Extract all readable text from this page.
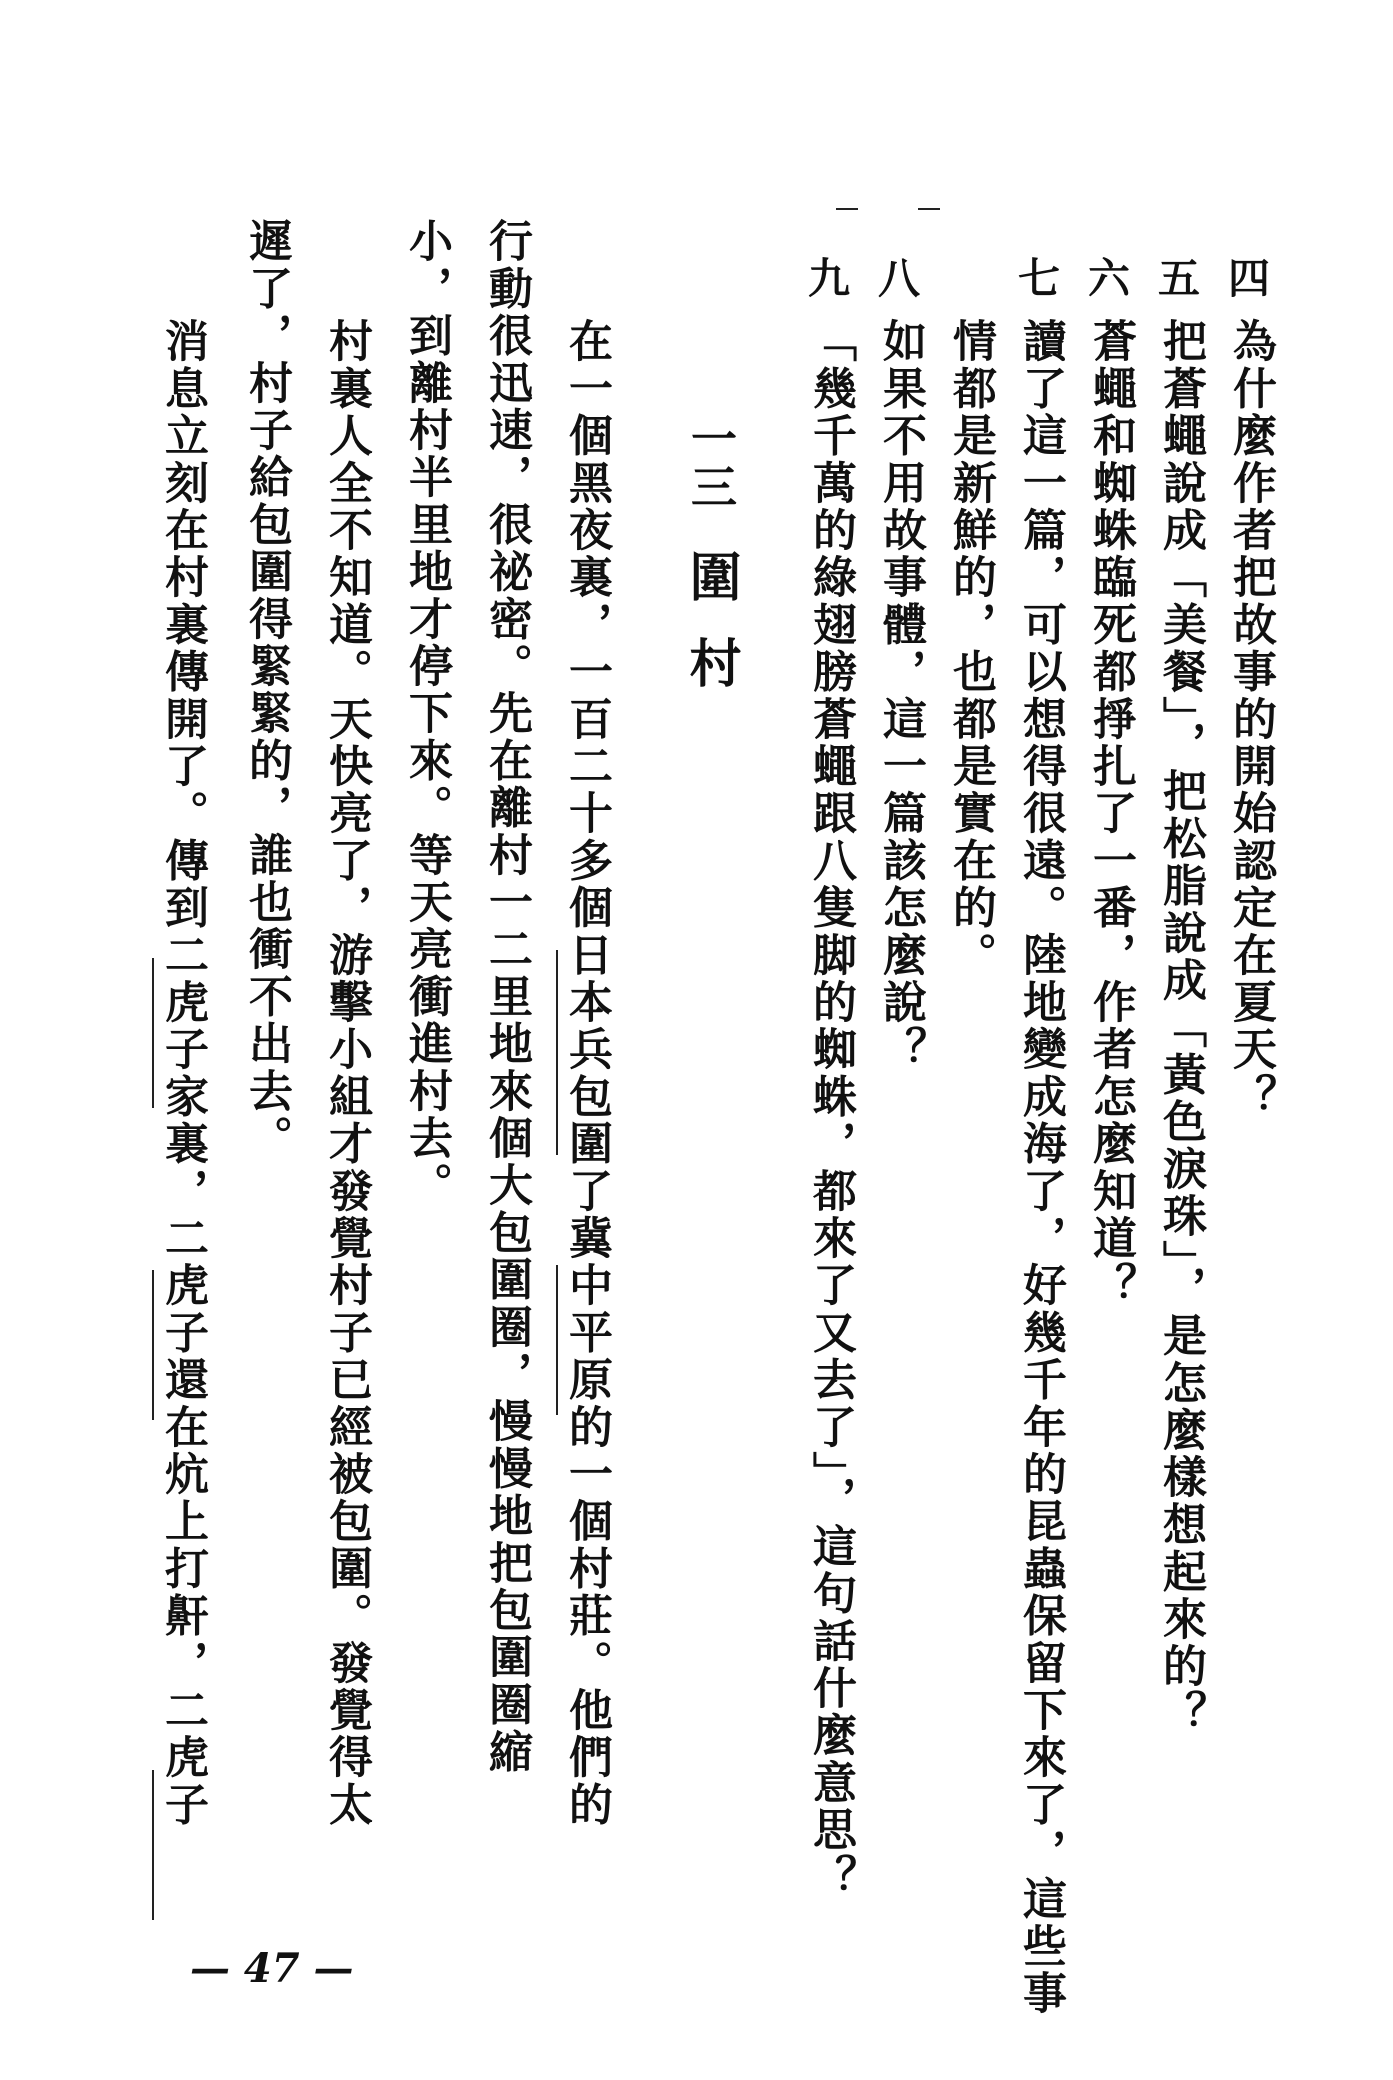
四
為什麼作者把故事的開始認定在夏天？
五
把蒼蠅說成「美餐」，把松脂說成「黃色淚珠」，是怎麼樣想起來的？
六
蒼蠅和蜘蛛臨死都掙扎了一番，作者怎麼知道？
七
讀了這一篇，可以想得很遠。陸地變成海了，好幾千年的昆蟲保留下來了，這些事
情都是新鮮的，也都是實在的。
八
如果不用故事體，這一篇該怎麼說？
九
「幾千萬的綠翅膀蒼蠅跟八隻脚的蜘蛛，都來了又去了」，這句話什麼意思？
一三
圍村
在一個黑夜裏，一百二十多個日本兵包圍了冀中平原的一個村莊。他們的
行動很迅速，很祕密。先在離村一二里地來個大包圍圈，慢慢地把包圍圈縮
小，到離村半里地才停下來。等天亮衝進村去。
村裏人全不知道。天快亮了，游擊小組才發覺村子已經被包圍。發覺得太
遲了，村子給包圍得緊緊的，誰也衝不出去。
消息立刻在村裏傳開了。傳到二虎子家裏，二虎子還在炕上打鼾，二虎子
— 47 —
